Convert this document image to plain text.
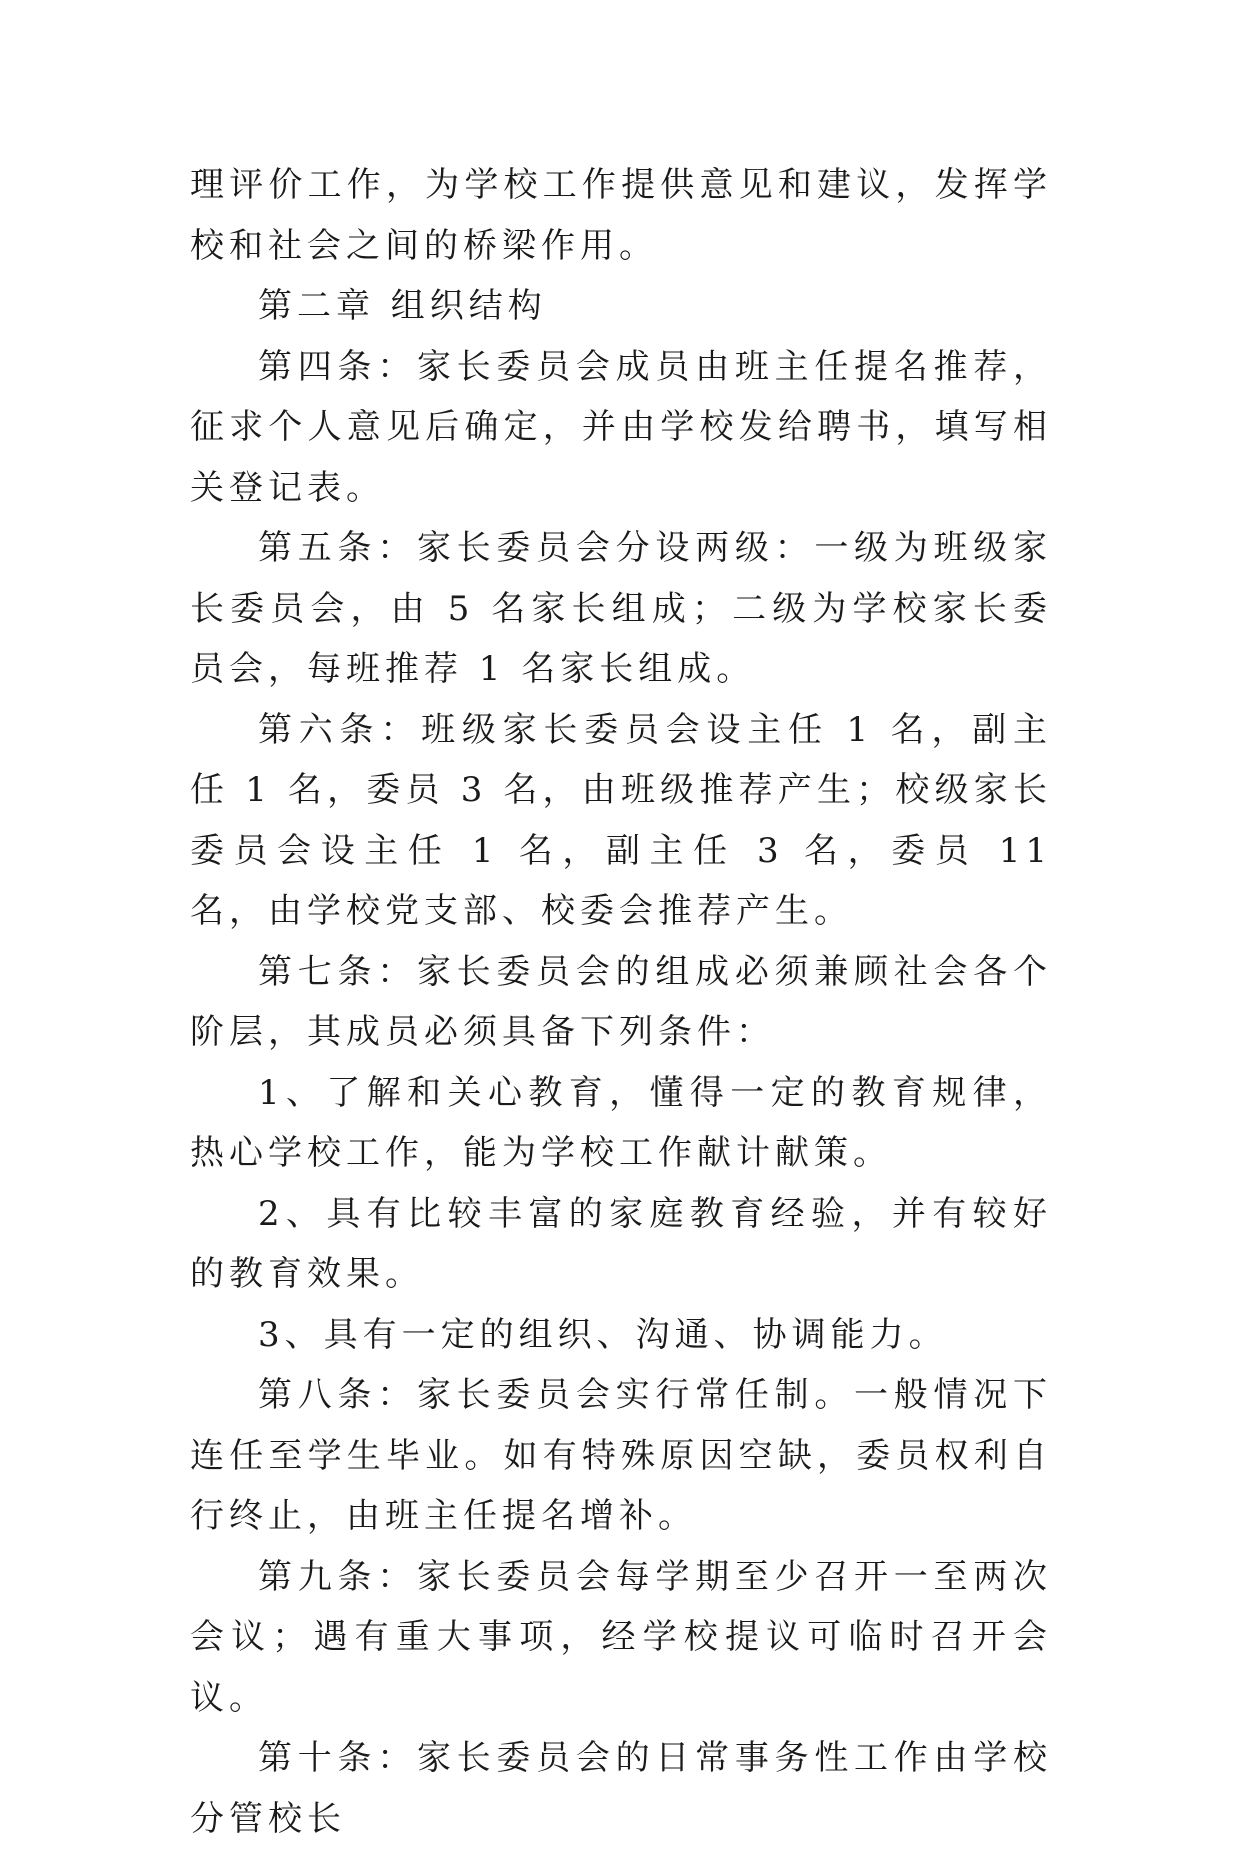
理评价工作，为学校工作提供意见和建议，发挥学校和社会之间的桥梁作用。

第二章 组织结构

第四条：家长委员会成员由班主任提名推荐，征求个人意见后确定，并由学校发给聘书，填写相关登记表。

第五条：家长委员会分设两级：一级为班级家长委员会，由 5 名家长组成；二级为学校家长委员会，每班推荐 1 名家长组成。

第六条：班级家长委员会设主任 1 名，副主任 1 名，委员 3 名，由班级推荐产生；校级家长委员会设主任 1 名，副主任 3 名，委员 11 名，由学校党支部、校委会推荐产生。

第七条：家长委员会的组成必须兼顾社会各个阶层，其成员必须具备下列条件：

1、了解和关心教育，懂得一定的教育规律，热心学校工作，能为学校工作献计献策。

2、具有比较丰富的家庭教育经验，并有较好的教育效果。

3、具有一定的组织、沟通、协调能力。

第八条：家长委员会实行常任制。一般情况下连任至学生毕业。如有特殊原因空缺，委员权利自行终止，由班主任提名增补。

第九条：家长委员会每学期至少召开一至两次会议；遇有重大事项，经学校提议可临时召开会议。

第十条：家长委员会的日常事务性工作由学校分管校长
